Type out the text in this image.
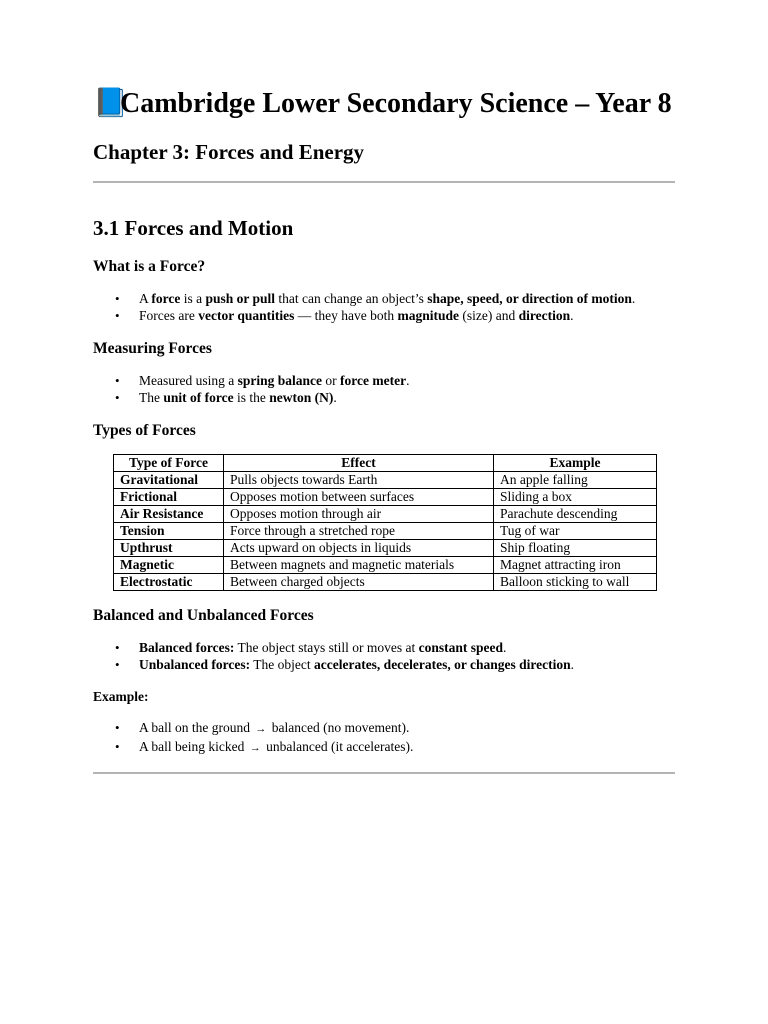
📘 Cambridge Lower Secondary Science – Year 8
Chapter 3: Forces and Energy
3.1 Forces and Motion
What is a Force?
• A force is a push or pull that can change an object’s shape, speed, or direction of motion.
• Forces are vector quantities — they have both magnitude (size) and direction.
Measuring Forces
• Measured using a spring balance or force meter.
• The unit of force is the newton (N).
Types of Forces
Type of Force	Effect	Example
Gravitational	Pulls objects towards Earth	An apple falling
Frictional	Opposes motion between surfaces	Sliding a box
Air Resistance	Opposes motion through air	Parachute descending
Tension	Force through a stretched rope	Tug of war
Upthrust	Acts upward on objects in liquids	Ship floating
Magnetic	Between magnets and magnetic materials	Magnet attracting iron
Electrostatic	Between charged objects	Balloon sticking to wall
Balanced and Unbalanced Forces
• Balanced forces: The object stays still or moves at constant speed.
• Unbalanced forces: The object accelerates, decelerates, or changes direction.
Example:
• A ball on the ground → balanced (no movement).
• A ball being kicked → unbalanced (it accelerates).
